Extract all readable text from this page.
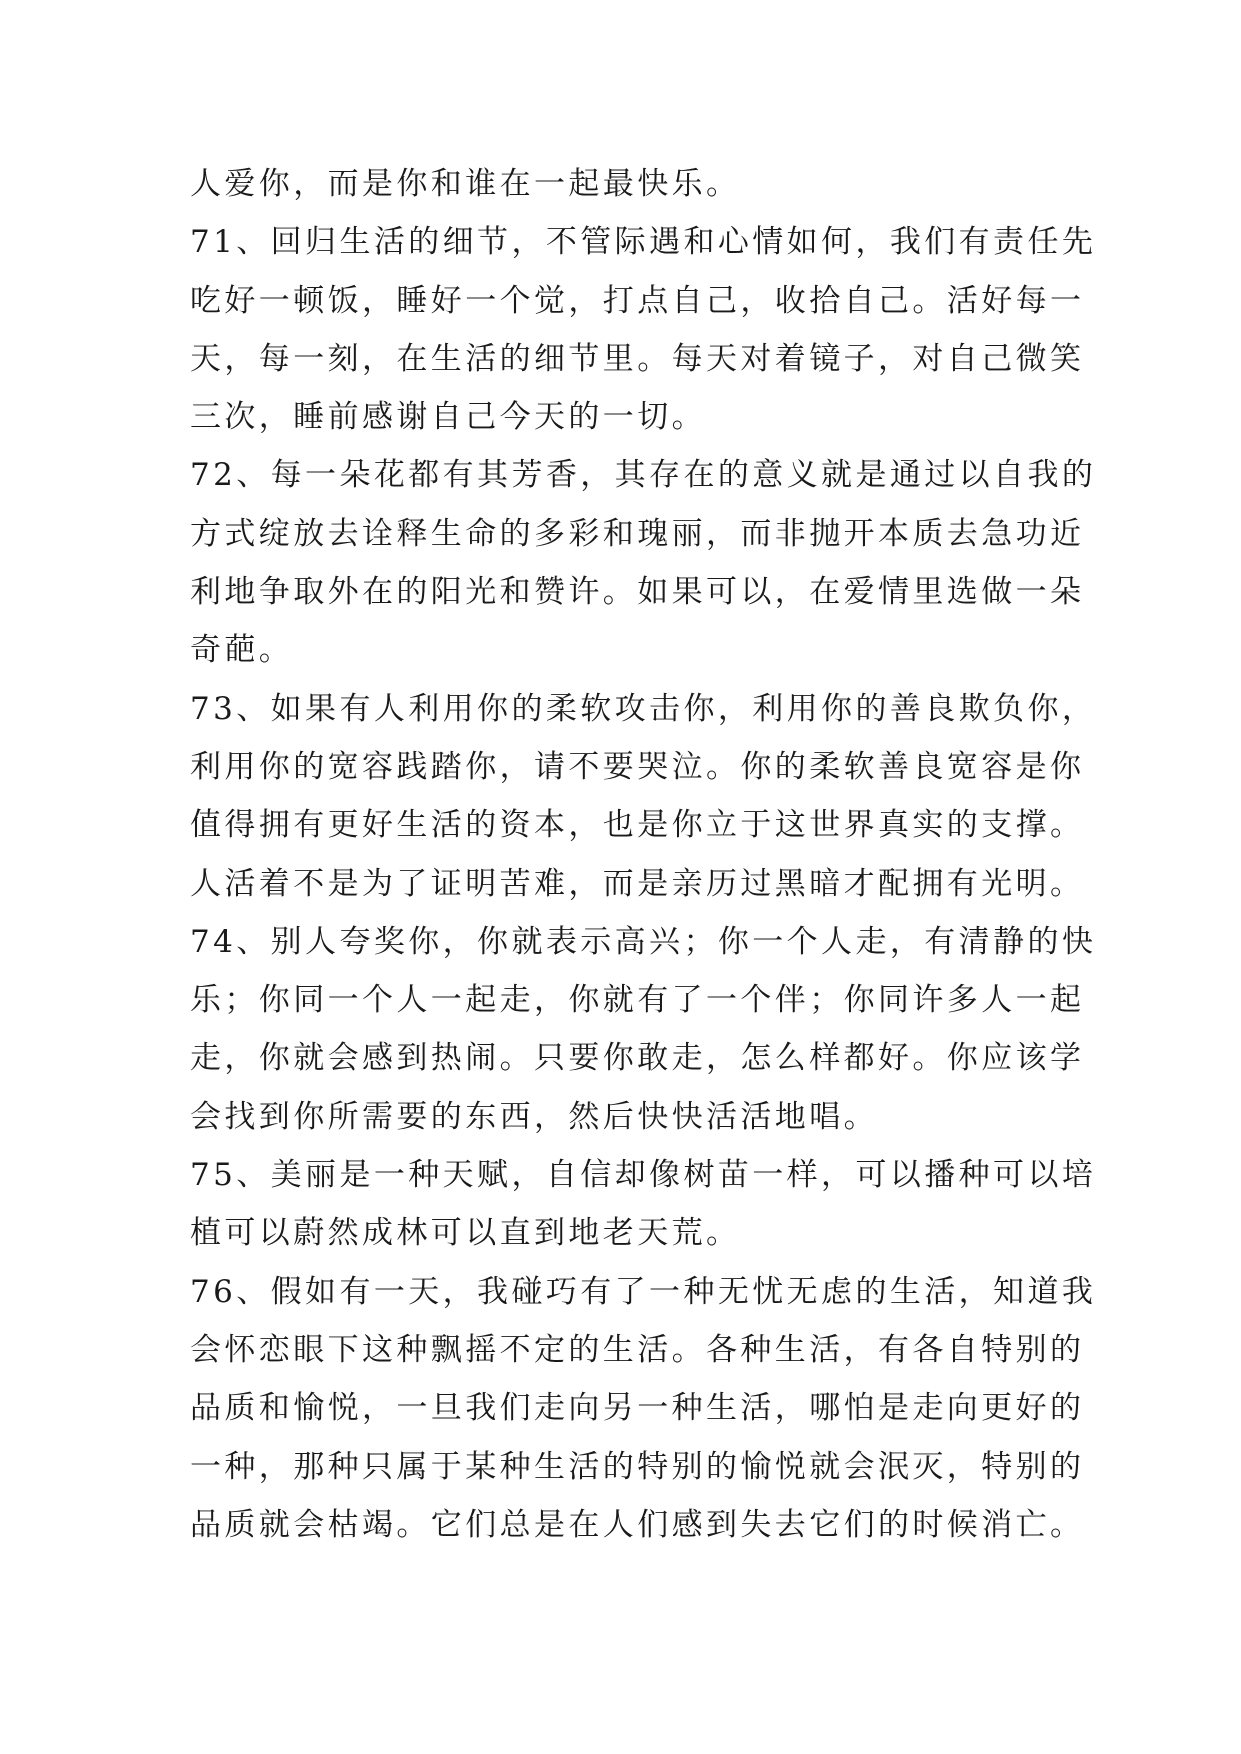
人爱你，而是你和谁在一起最快乐。
71、回归生活的细节，不管际遇和心情如何，我们有责任先
吃好一顿饭，睡好一个觉，打点自己，收拾自己。活好每一
天，每一刻，在生活的细节里。每天对着镜子，对自己微笑
三次，睡前感谢自己今天的一切。
72、每一朵花都有其芳香，其存在的意义就是通过以自我的
方式绽放去诠释生命的多彩和瑰丽，而非抛开本质去急功近
利地争取外在的阳光和赞许。如果可以，在爱情里选做一朵
奇葩。
73、如果有人利用你的柔软攻击你，利用你的善良欺负你，
利用你的宽容践踏你，请不要哭泣。你的柔软善良宽容是你
值得拥有更好生活的资本，也是你立于这世界真实的支撑。
人活着不是为了证明苦难，而是亲历过黑暗才配拥有光明。
74、别人夸奖你，你就表示高兴；你一个人走，有清静的快
乐；你同一个人一起走，你就有了一个伴；你同许多人一起
走，你就会感到热闹。只要你敢走，怎么样都好。你应该学
会找到你所需要的东西，然后快快活活地唱。
75、美丽是一种天赋，自信却像树苗一样，可以播种可以培
植可以蔚然成林可以直到地老天荒。
76、假如有一天，我碰巧有了一种无忧无虑的生活，知道我
会怀恋眼下这种飘摇不定的生活。各种生活，有各自特别的
品质和愉悦，一旦我们走向另一种生活，哪怕是走向更好的
一种，那种只属于某种生活的特别的愉悦就会泯灭，特别的
品质就会枯竭。它们总是在人们感到失去它们的时候消亡。
